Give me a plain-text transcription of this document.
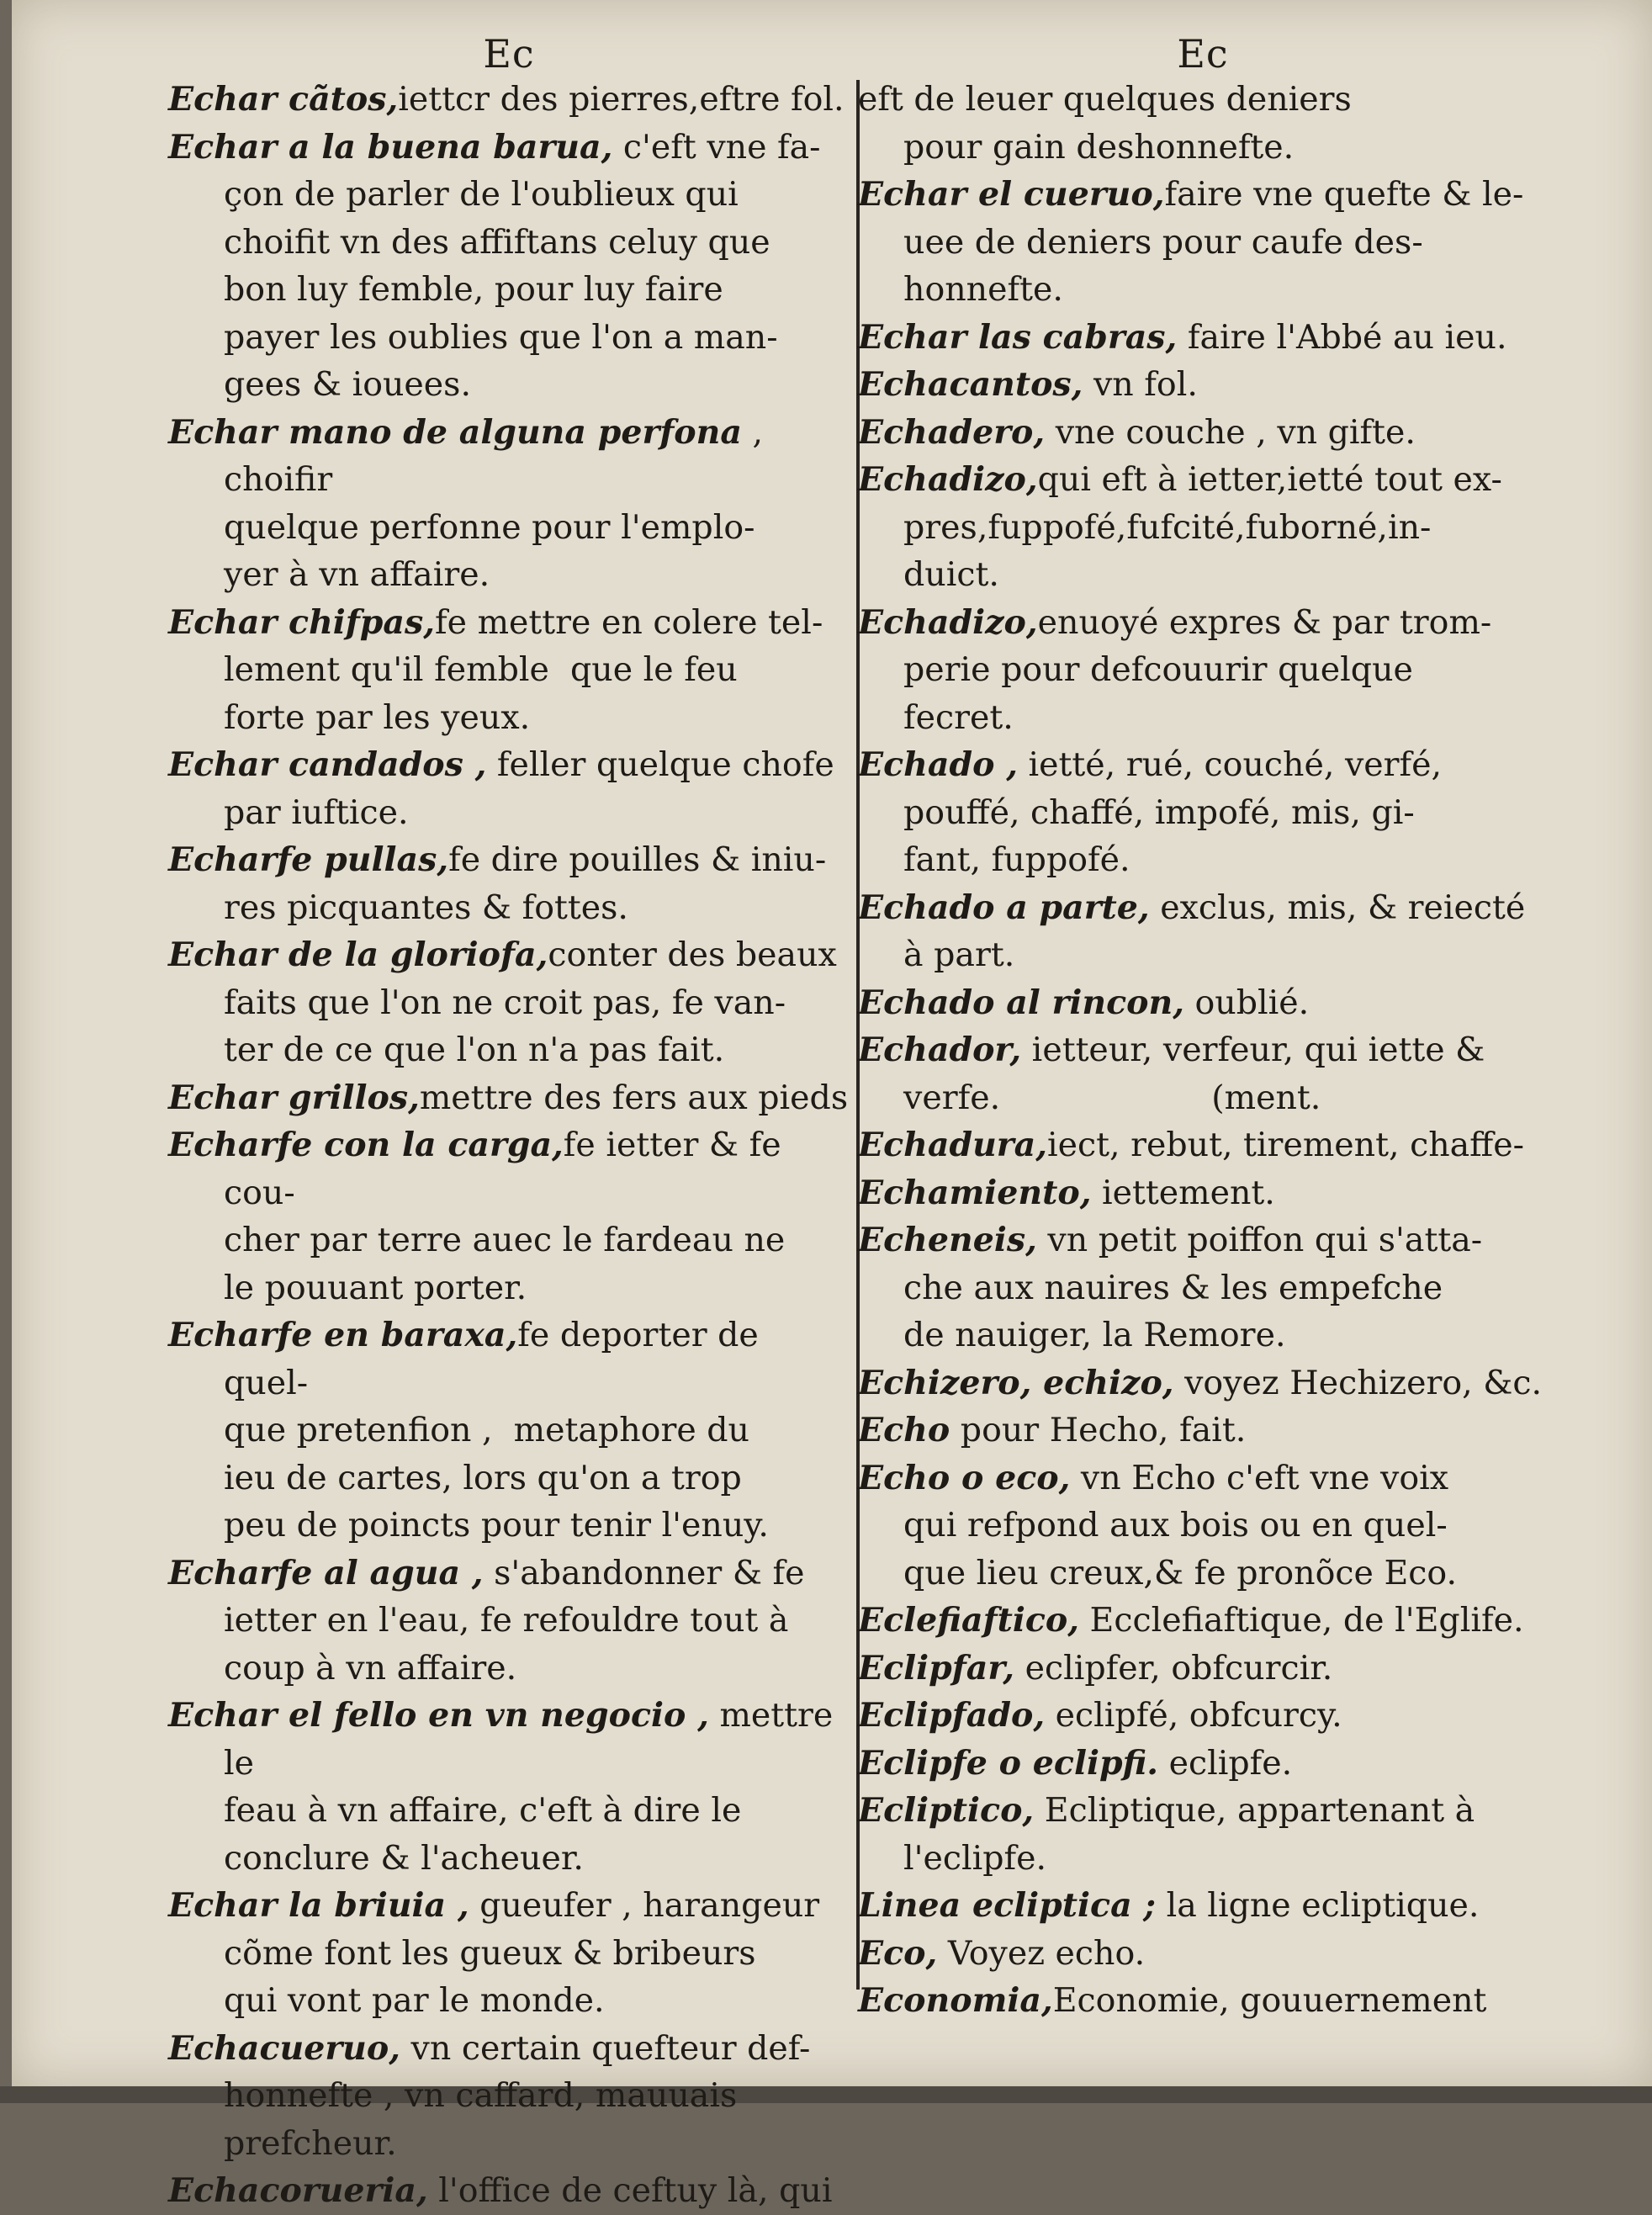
Ec
Echar cãtos,iettcr des pierres,eftre fol.
Echar a la buena barua, c'eft vne fa-
çon de parler de l'oublieux qui
choifit vn des affiftans celuy que
bon luy femble, pour luy faire
payer les oublies que l'on a man-
gees & iouees.
Echar mano de alguna perfona , choifir
quelque perfonne pour l'emplo-
yer à vn affaire.
Echar chifpas,fe mettre en colere tel-
lement qu'il femble  que le feu
forte par les yeux.
Echar candados , feller quelque chofe
par iuftice.
Echarfe pullas,fe dire pouilles & iniu-
res picquantes & fottes.
Echar de la gloriofa,conter des beaux
faits que l'on ne croit pas, fe van-
ter de ce que l'on n'a pas fait.
Echar grillos,mettre des fers aux pieds
Echarfe con la carga,fe ietter & fe cou-
cher par terre auec le fardeau ne
le pouuant porter.
Echarfe en baraxa,fe deporter de quel-
que pretenfion ,  metaphore du
ieu de cartes, lors qu'on a trop
peu de poincts pour tenir l'enuy.
Echarfe al agua , s'abandonner & fe
ietter en l'eau, fe refouldre tout à
coup à vn affaire.
Echar el fello en vn negocio , mettre le
feau à vn affaire, c'eft à dire le
conclure & l'acheuer.
Echar la briuia , gueufer , harangeur
cõme font les gueux & bribeurs
qui vont par le monde.
Echacueruo, vn certain quefteur def-
honnefte , vn caffard, mauuais
prefcheur.
Echacorueria, l'office de ceftuy là, qui
Ec
eft de leuer quelques deniers
pour gain deshonnefte.
Echar el cueruo,faire vne quefte & le-
uee de deniers pour caufe des-
honnefte.
Echar las cabras, faire l'Abbé au ieu.
Echacantos, vn fol.
Echadero, vne couche , vn gifte.
Echadizo,qui eft à ietter,ietté tout ex-
pres,fuppofé,fufcité,fuborné,in-
duict.
Echadizo,enuoyé expres & par trom-
perie pour defcouurir quelque
fecret.
Echado , ietté, rué, couché, verfé,
pouffé, chaffé, impofé, mis, gi-
fant, fuppofé.
Echado a parte, exclus, mis, & reiecté
à part.
Echado al rincon, oublié.
Echador, ietteur, verfeur, qui iette &
verfe.                    (ment.
Echadura,iect, rebut, tirement, chaffe-
Echamiento, iettement.
Echeneis, vn petit poiffon qui s'atta-
che aux nauires & les empefche
de nauiger, la Remore.
Echizero, echizo, voyez Hechizero, &c.
Echo pour Hecho, fait.
Echo o eco, vn Echo c'eft vne voix
qui refpond aux bois ou en quel-
que lieu creux,& fe pronõce Eco.
Eclefiaftico, Ecclefiaftique, de l'Eglife.
Eclipfar, eclipfer, obfcurcir.
Eclipfado, eclipfé, obfcurcy.
Eclipfe o eclipfi. eclipfe.
Ecliptico, Ecliptique, appartenant à
l'eclipfe.
Linea ecliptica ; la ligne ecliptique.
Eco, Voyez echo.
Economia,Economie, gouuernement
